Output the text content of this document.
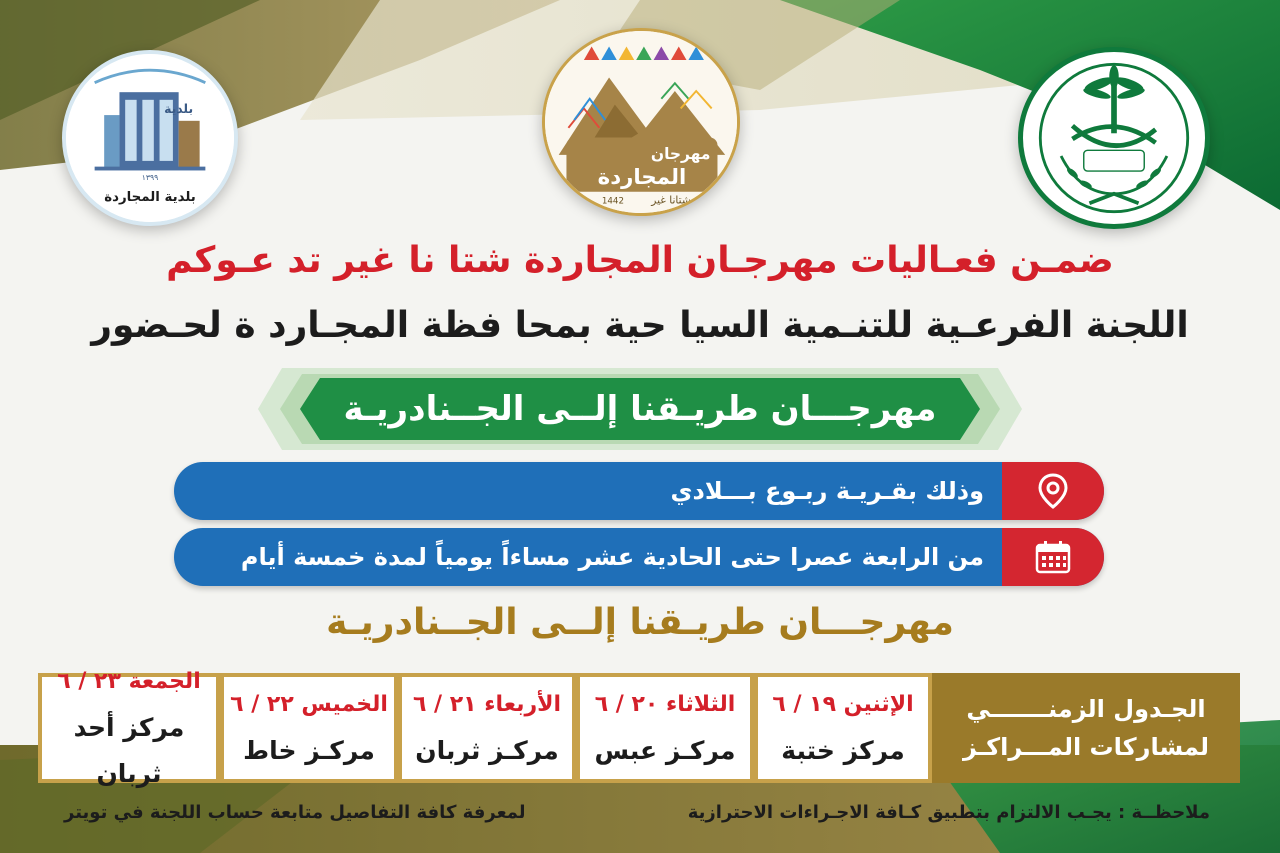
مهرجان
المجاردة
شتانا غير
1442
بلدية
١٣٩٩
بلدية المجاردة
ضمـن فعـاليات مهرجـان المجاردة شتا نا غير تد عـوكم
اللجنة الفرعـية للتنـمية السيا حية بمحا فظة المجـارد ة لحـضور
مهرجـــان طريـقنا إلــى الجــنادريـة
وذلك بقـريـة ربـوع بـــلادي
من الرابعة عصرا حتى الحادية عشر مساءاً يومياً لمدة خمسة أيام
مهرجـــان طريـقنا إلــى الجــنادريـة
الجـدول الزمنـــــــي
لمشاركات المـــراكـز
الإثنين ١٩ / ٦
مركز ختبة
الثلاثاء ٢٠ / ٦
مركـز عبس
الأربعاء ٢١ / ٦
مركـز ثربان
الخميس ٢٢ / ٦
مركـز خاط
الجمعة ٢٣ / ٦
مركز أحد ثربان
ملاحظــة : يجـب الالتزام بتطبيق كـافة الاجـراءات الاحترازية
لمعرفة كافة التفاصيل متابعة حساب اللجنة في تويتر
